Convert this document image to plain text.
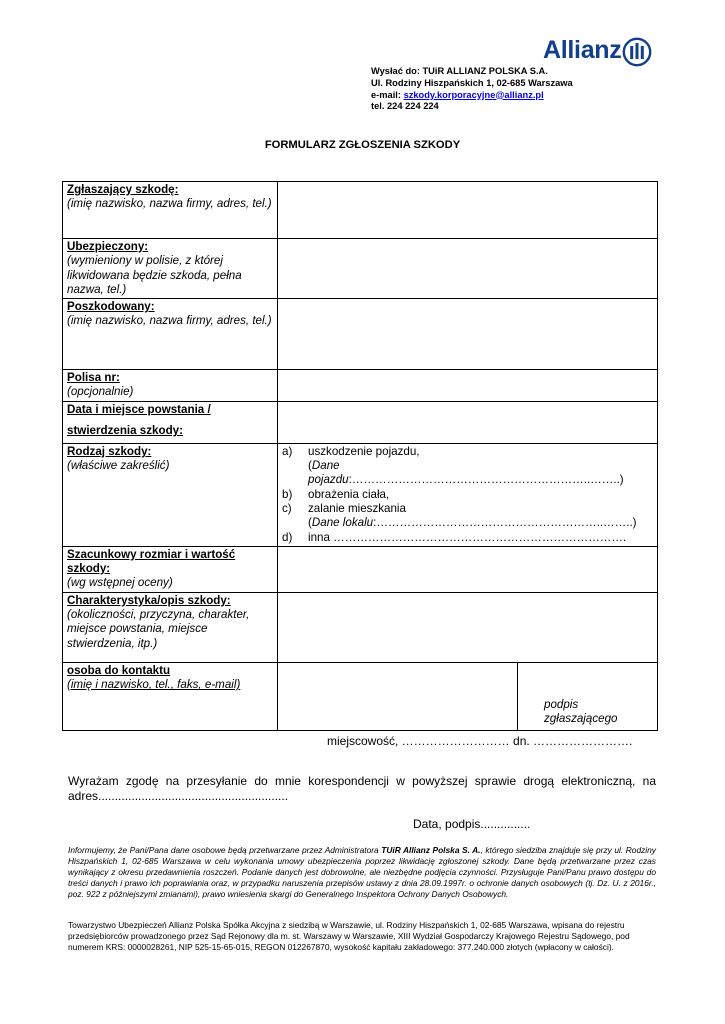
Allianz
Wysłać do: TUiR ALLIANZ POLSKA S.A.
Ul. Rodziny Hiszpańskich 1, 02-685 Warszawa
e-mail: szkody.korporacyjne@allianz.pl
tel. 224 224 224
FORMULARZ ZGŁOSZENIA SZKODY
Zgłaszający szkodę:
(imię nazwisko, nazwa firmy, adres, tel.)

Ubezpieczony:
(wymieniony w polisie, z której likwidowana będzie szkoda, pełna nazwa, tel.)

Poszkodowany:
(imię nazwisko, nazwa firmy, adres, tel.)

Polisa nr:
(opcjonalnie)

Data i miejsce powstania /
stwierdzenia szkody:

Rodzaj szkody:
(właściwe zakreślić)

a)	uszkodzenie pojazdu,
	(Dane pojazdu:……………………………………………………..……..)
b)	obrażenia ciała,
c)	zalanie mieszkania
	(Dane lokalu:…………………………………………………..……..)
d)	inna ………………………………………………………………….

Szacunkowy rozmiar i wartość szkody:
(wg wstępnej oceny)

Charakterystyka/opis szkody:
(okoliczności, przyczyna, charakter, miejsce powstania, miejsce stwierdzenia, itp.)

osoba do kontaktu
(imię i nazwisko, tel., faks, e-mail)

podpis
zgłaszającego
miejscowość, ……………………… dn. …………………….
Wyrażam zgodę na przesyłanie do mnie korespondencji w powyższej sprawie drogą elektroniczną, na adres.........................................................
Data, podpis...............
Informujemy, że Pani/Pana dane osobowe będą przetwarzane przez Administratora TUiR Allianz Polska S. A., którego siedziba znajduje się przy ul. Rodziny Hiszpańskich 1, 02-685 Warszawa w celu wykonania umowy ubezpieczenia poprzez likwidację zgłoszonej szkody. Dane będą przetwarzane przez czas wynikający z okresu przedawnienia roszczeń. Podanie danych jest dobrowolne, ale niezbędne podjęcia czynności. Przysługuje Pani/Panu prawo dostępu do treści danych i prawo ich poprawiania oraz, w przypadku naruszenia przepisów ustawy z dnia 28.09.1997r. o ochronie danych osobowych (tj. Dz. U. z 2016r., poz. 922 z późniejszymi zmianami), prawo wniesienia skargi do Generalnego Inspektora Ochrony Danych Osobowych.
Towarzystwo Ubezpieczeń Allianz Polska Spółka Akcyjna z siedzibą w Warszawie, ul. Rodziny Hiszpańskich 1, 02-685 Warszawa, wpisana do rejestru przedsiębiorców prowadzonego przez Sąd Rejonowy dla m. st. Warszawy w Warszawie, XIII Wydział Gospodarczy Krajowego Rejestru Sądowego, pod numerem KRS: 0000028261, NIP 525-15-65-015, REGON 012267870, wysokość kapitału zakładowego: 377.240.000 złotych (wpłacony w całości).
